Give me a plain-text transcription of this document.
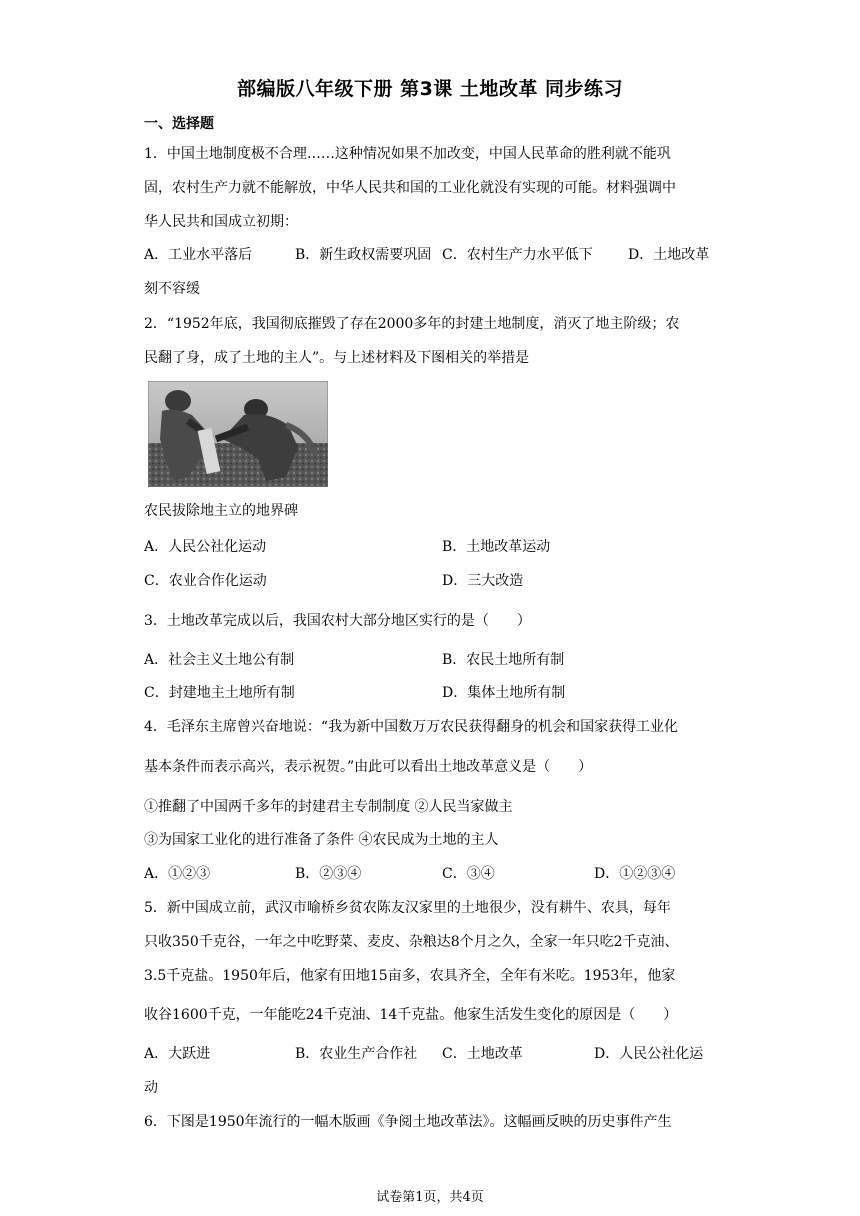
部编版八年级下册 第3课 土地改革 同步练习
一、选择题
1．中国土地制度极不合理……这种情况如果不加改变，中国人民革命的胜利就不能巩
固，农村生产力就不能解放，中华人民共和国的工业化就没有实现的可能。材料强调中
华人民共和国成立初期：
A．工业水平落后	B．新生政权需要巩固 C．农村生产力水平低下	D．土地改革
刻不容缓
2．“1952年底，我国彻底摧毁了存在2000多年的封建土地制度，消灭了地主阶级；农
民翻了身，成了土地的主人”。与上述材料及下图相关的举措是
农民拔除地主立的地界碑
A．人民公社化运动	B．土地改革运动
C．农业合作化运动	D．三大改造
3．土地改革完成以后，我国农村大部分地区实行的是（　　）
A．社会主义土地公有制	B．农民土地所有制
C．封建地主土地所有制	D．集体土地所有制
4．毛泽东主席曾兴奋地说：“我为新中国数万万农民获得翻身的机会和国家获得工业化
基本条件而表示高兴，表示祝贺。”由此可以看出土地改革意义是（　　）
①推翻了中国两千多年的封建君主专制制度 ②人民当家做主
③为国家工业化的进行准备了条件 ④农民成为土地的主人
A．①②③	B．②③④	C．③④	D．①②③④
5．新中国成立前，武汉市喻桥乡贫农陈友汉家里的土地很少，没有耕牛、农具，每年
只收350千克谷，一年之中吃野菜、麦皮、杂粮达8个月之久，全家一年只吃2千克油、
3.5千克盐。1950年后，他家有田地15亩多，农具齐全，全年有米吃。1953年，他家
收谷1600千克，一年能吃24千克油、14千克盐。他家生活发生变化的原因是（　　）
A．大跃进	B．农业生产合作社 C．土地改革	D．人民公社化运
动
6．下图是1950年流行的一幅木版画《争阅土地改革法》。这幅画反映的历史事件产生
试卷第1页，共4页
